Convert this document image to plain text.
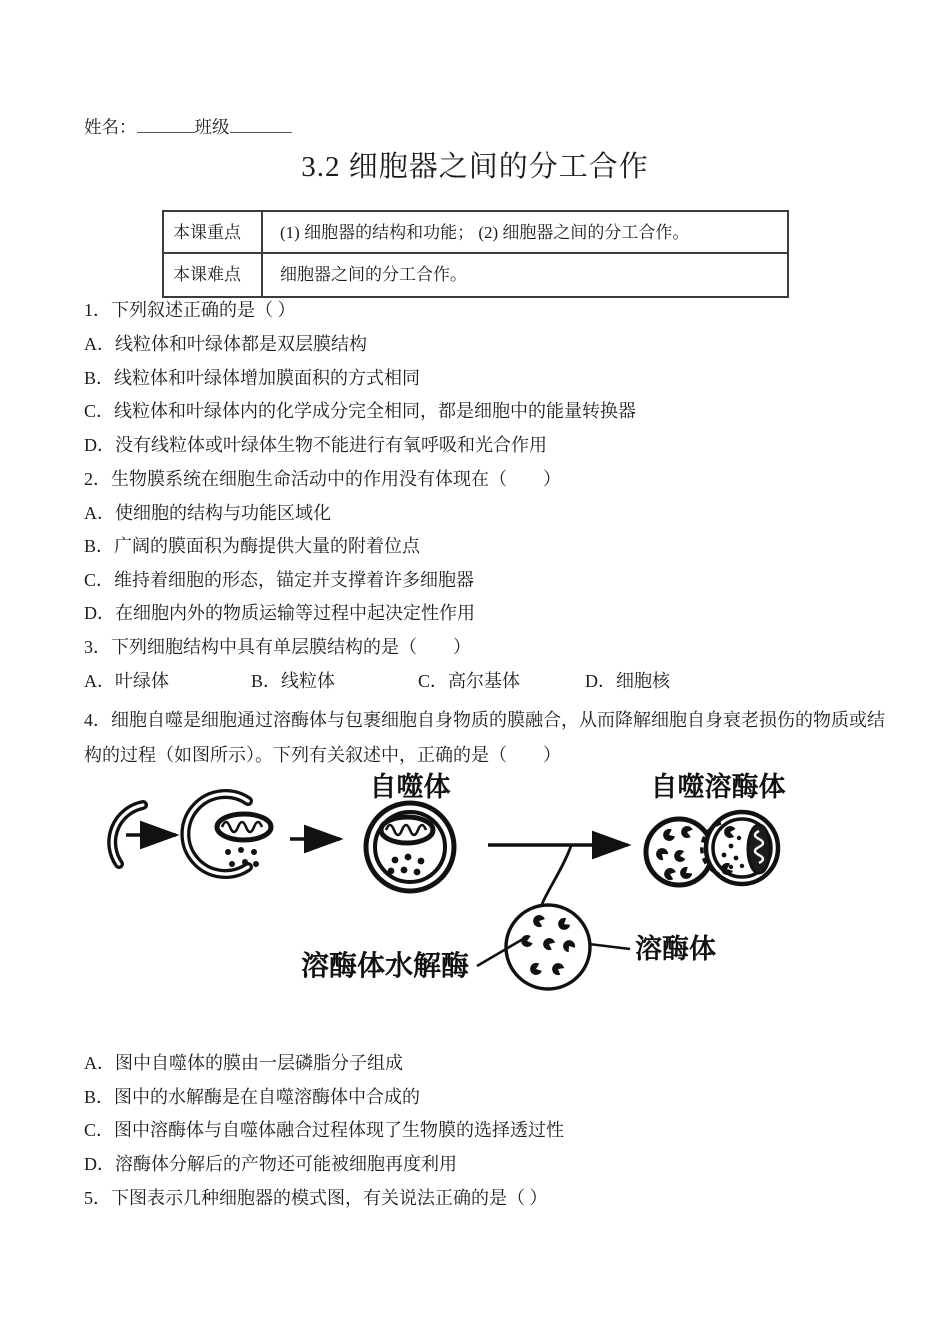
姓名：	班级
3.2 细胞器之间的分工合作
本课重点	(1) 细胞器的结构和功能； (2) 细胞器之间的分工合作。
本课难点	细胞器之间的分工合作。
1．下列叙述正确的是（ ）
A．线粒体和叶绿体都是双层膜结构
B．线粒体和叶绿体增加膜面积的方式相同
C．线粒体和叶绿体内的化学成分完全相同，都是细胞中的能量转换器
D．没有线粒体或叶绿体生物不能进行有氧呼吸和光合作用
2．生物膜系统在细胞生命活动中的作用没有体现在（　　）
A．使细胞的结构与功能区域化
B．广阔的膜面积为酶提供大量的附着位点
C．维持着细胞的形态，锚定并支撑着许多细胞器
D．在细胞内外的物质运输等过程中起决定性作用
3．下列细胞结构中具有单层膜结构的是（　　）
A．叶绿体	B．线粒体	C．高尔基体	D．细胞核
4．细胞自噬是细胞通过溶酶体与包裹细胞自身物质的膜融合，从而降解细胞自身衰老损伤的物质或结构的过程（如图所示）。下列有关叙述中，正确的是（　　）
自噬体	自噬溶酶体
溶酶体水解酶
溶酶体
A．图中自噬体的膜由一层磷脂分子组成
B．图中的水解酶是在自噬溶酶体中合成的
C．图中溶酶体与自噬体融合过程体现了生物膜的选择透过性
D．溶酶体分解后的产物还可能被细胞再度利用
5．下图表示几种细胞器的模式图，有关说法正确的是（ ）
